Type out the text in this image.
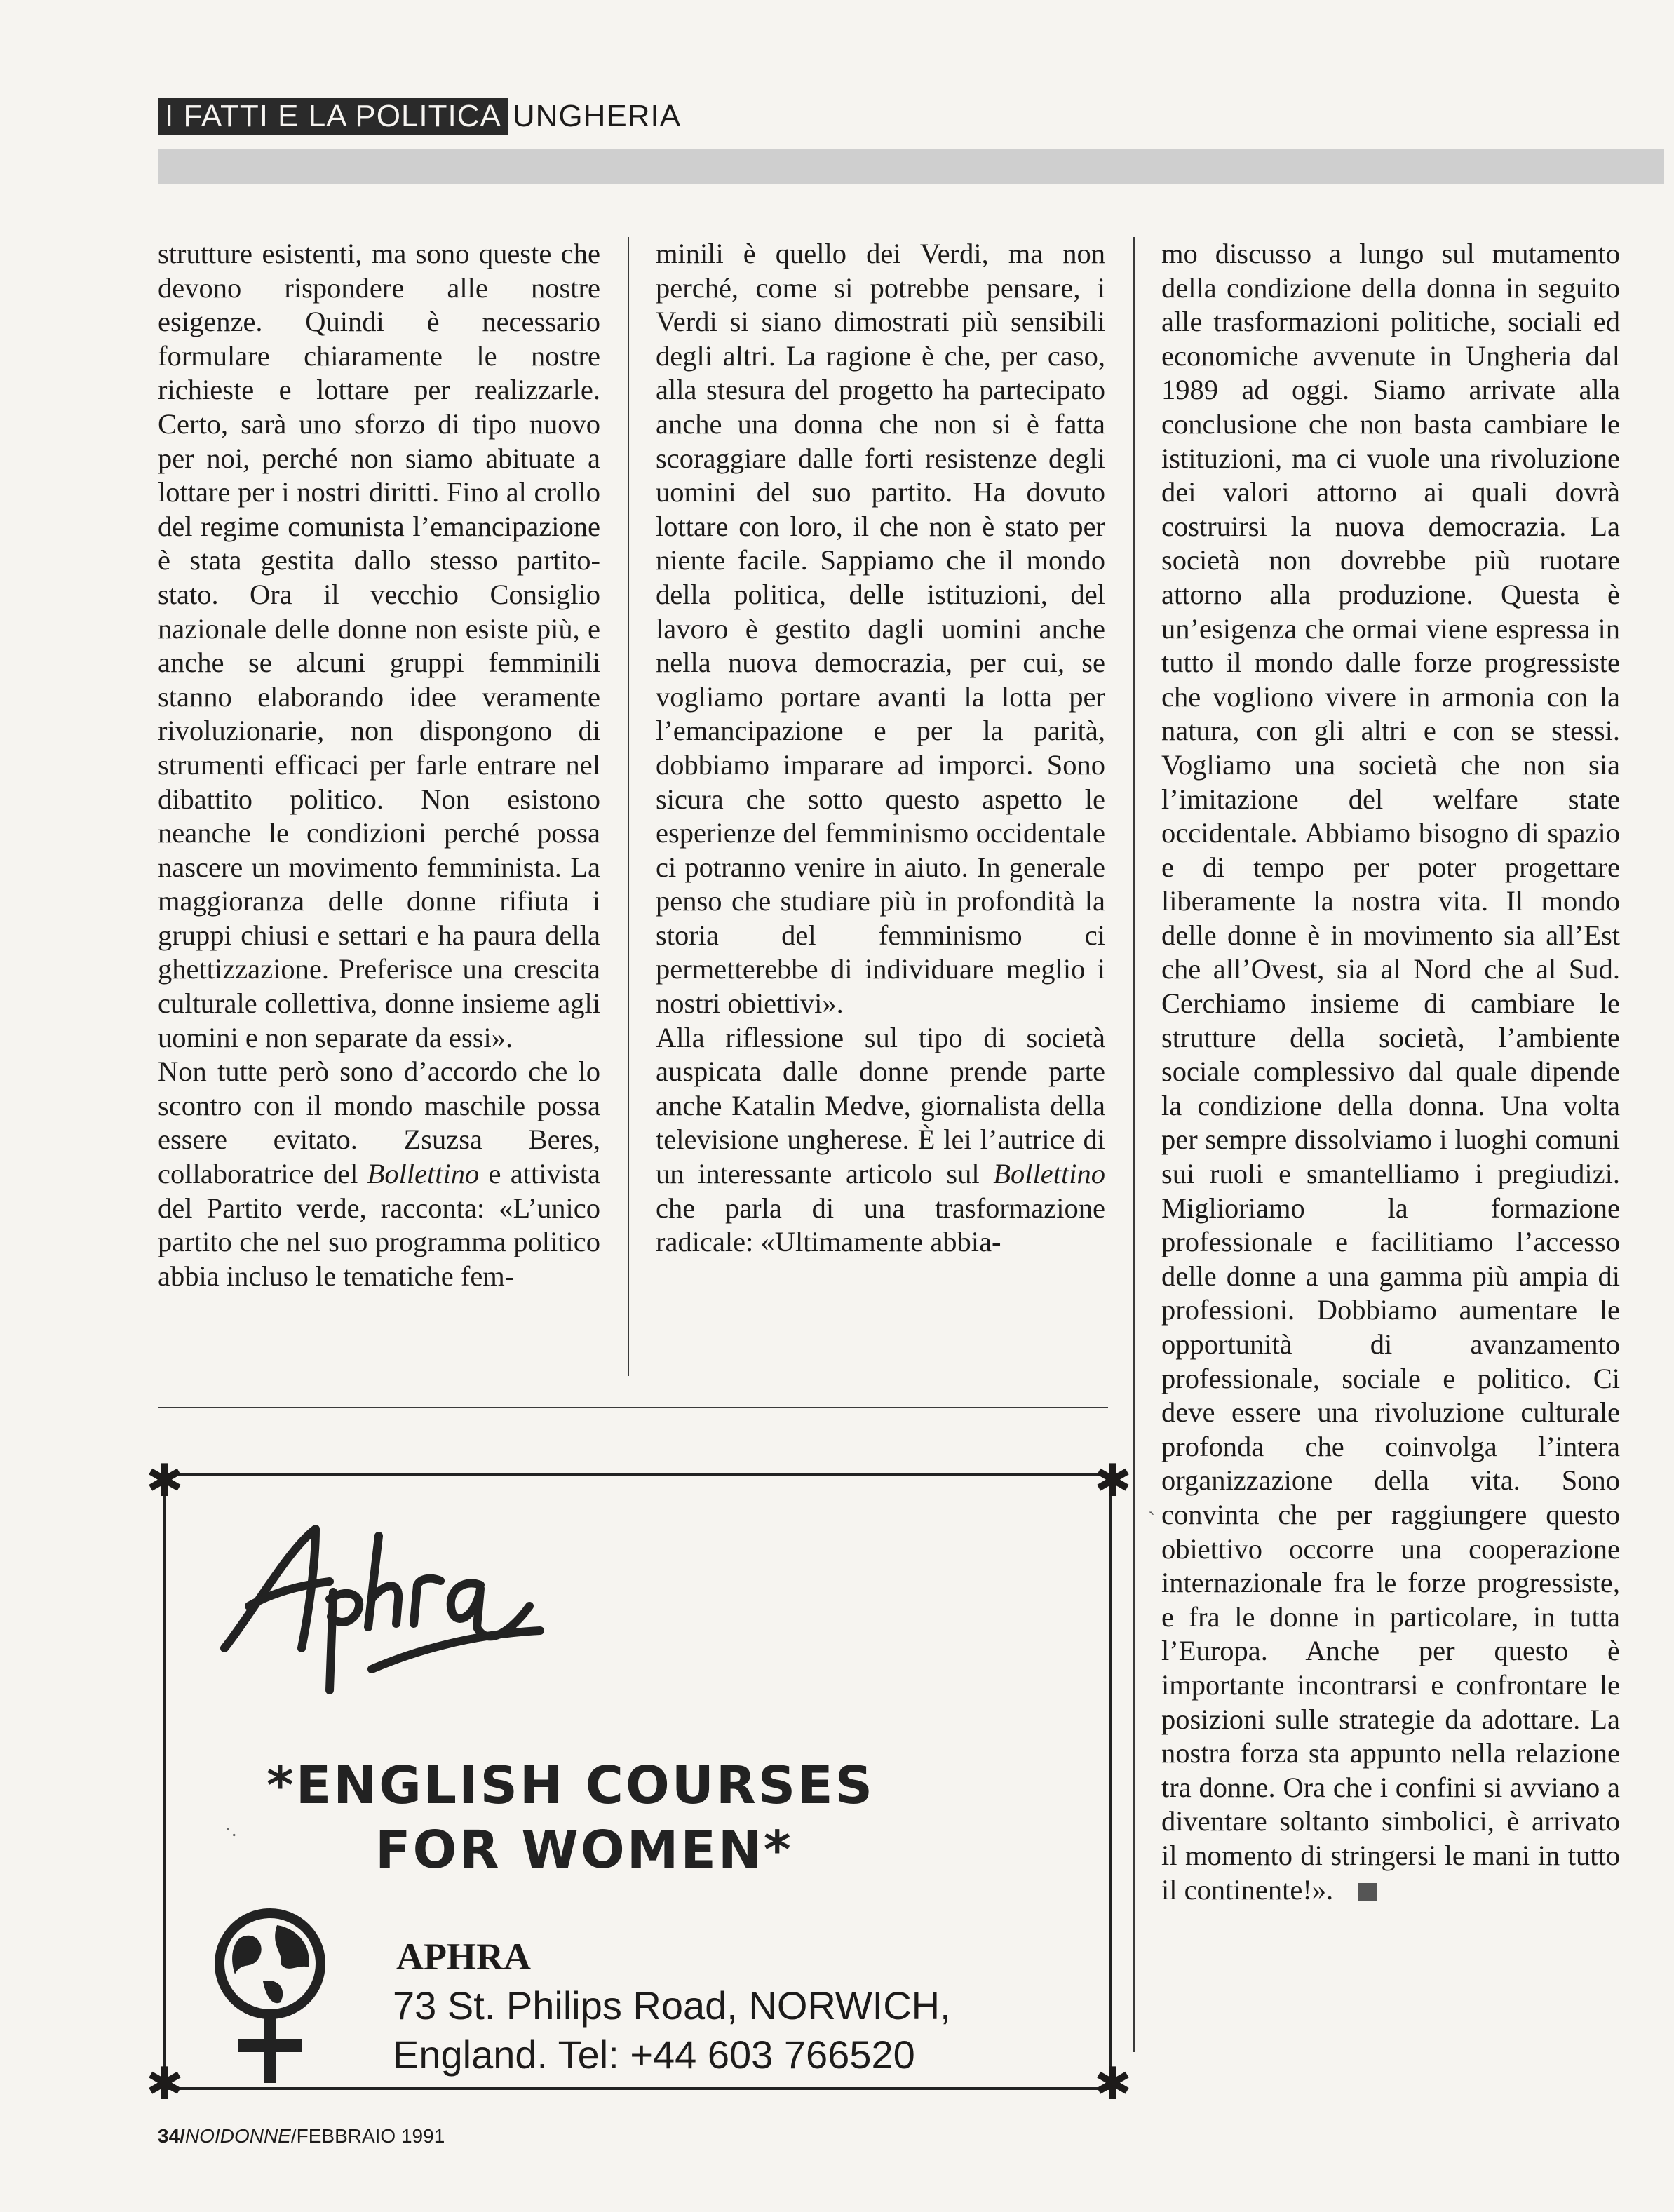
I FATTI E LA POLITICA UNGHERIA

strutture esistenti, ma sono queste che devono rispondere alle nostre esigenze. Quindi è necessario formulare chiaramente le nostre richieste e lottare per realizzarle. Certo, sarà uno sforzo di tipo nuovo per noi, perché non siamo abituate a lottare per i nostri diritti. Fino al crollo del regime comunista l’emancipazione è stata gestita dallo stesso partito-stato. Ora il vecchio Consiglio nazionale delle donne non esiste più, e anche se alcuni gruppi femminili stanno elaborando idee veramente rivoluzionarie, non dispongono di strumenti efficaci per farle entrare nel dibattito politico. Non esistono neanche le condizioni perché possa nascere un movimento femminista. La maggioranza delle donne rifiuta i gruppi chiusi e settari e ha paura della ghettizzazione. Preferisce una crescita culturale collettiva, donne insieme agli uomini e non separate da essi».

Non tutte però sono d’accordo che lo scontro con il mondo maschile possa essere evitato. Zsuzsa Beres, collaboratrice del Bollettino e attivista del Partito verde, racconta: «L’unico partito che nel suo programma politico abbia incluso le tematiche fem-

minili è quello dei Verdi, ma non perché, come si potrebbe pensare, i Verdi si siano dimostrati più sensibili degli altri. La ragione è che, per caso, alla stesura del progetto ha partecipato anche una donna che non si è fatta scoraggiare dalle forti resistenze degli uomini del suo partito. Ha dovuto lottare con loro, il che non è stato per niente facile. Sappiamo che il mondo della politica, delle istituzioni, del lavoro è gestito dagli uomini anche nella nuova democrazia, per cui, se vogliamo portare avanti la lotta per l’emancipazione e per la parità, dobbiamo imparare ad imporci. Sono sicura che sotto questo aspetto le esperienze del femminismo occidentale ci potranno venire in aiuto. In generale penso che studiare più in profondità la storia del femminismo ci permetterebbe di individuare meglio i nostri obiettivi».

Alla riflessione sul tipo di società auspicata dalle donne prende parte anche Katalin Medve, giornalista della televisione ungherese. È lei l’autrice di un interessante articolo sul Bollettino che parla di una trasformazione radicale: «Ultimamente abbia-

mo discusso a lungo sul mutamento della condizione della donna in seguito alle trasformazioni politiche, sociali ed economiche avvenute in Ungheria dal 1989 ad oggi. Siamo arrivate alla conclusione che non basta cambiare le istituzioni, ma ci vuole una rivoluzione dei valori attorno ai quali dovrà costruirsi la nuova democrazia. La società non dovrebbe più ruotare attorno alla produzione. Questa è un’esigenza che ormai viene espressa in tutto il mondo dalle forze progressiste che vogliono vivere in armonia con la natura, con gli altri e con se stessi. Vogliamo una società che non sia l’imitazione del welfare state occidentale. Abbiamo bisogno di spazio e di tempo per poter progettare liberamente la nostra vita. Il mondo delle donne è in movimento sia all’Est che all’Ovest, sia al Nord che al Sud. Cerchiamo insieme di cambiare le strutture della società, l’ambiente sociale complessivo dal quale dipende la condizione della donna. Una volta per sempre dissolviamo i luoghi comuni sui ruoli e smantelliamo i pregiudizi. Miglioriamo la formazione professionale e facilitiamo l’accesso delle donne a una gamma più ampia di professioni. Dobbiamo aumentare le opportunità di avanzamento professionale, sociale e politico. Ci deve essere una rivoluzione culturale profonda che coinvolga l’intera organizzazione della vita. Sono convinta che per raggiungere questo obiettivo occorre una cooperazione internazionale fra le forze progressiste, e fra le donne in particolare, in tutta l’Europa. Anche per questo è importante incontrarsi e confrontare le posizioni sulle strategie da adottare. La nostra forza sta appunto nella relazione tra donne. Ora che i confini si avviano a diventare soltanto simbolici, è arrivato il momento di stringersi le mani in tutto il continente!».

✱	✱
✱	✱
*ENGLISH COURSES
FOR WOMEN*
APHRA
73 St. Philips Road, NORWICH,
England. Tel: +44 603 766520
34/NOIDONNE/FEBBRAIO 1991
·.
ˋ
